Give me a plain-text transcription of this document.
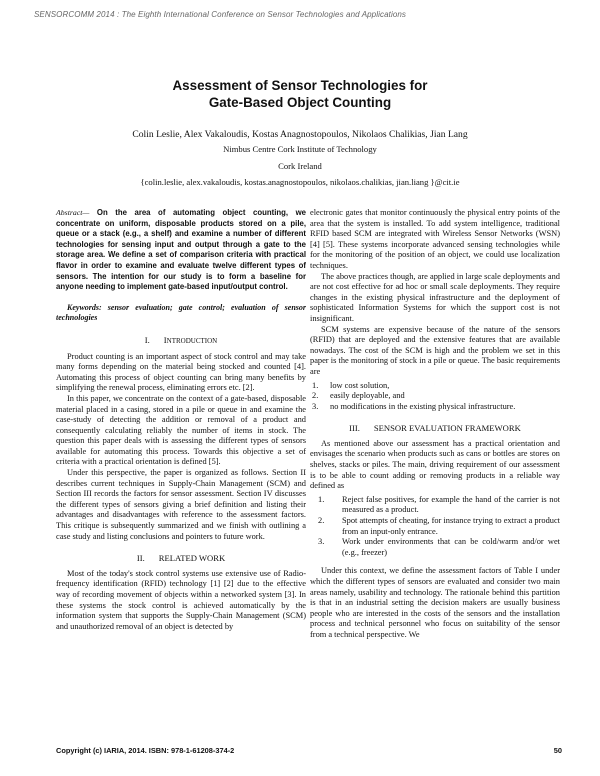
SENSORCOMM 2014 : The Eighth International Conference on Sensor Technologies and Applications
Assessment of Sensor Technologies for
Gate-Based Object Counting
Colin Leslie, Alex Vakaloudis, Kostas Anagnostopoulos, Nikolaos Chalikias, Jian Lang
Nimbus Centre Cork Institute of Technology
Cork Ireland
{colin.leslie, alex.vakaloudis, kostas.anagnostopoulos, nikolaos.chalikias, jian.liang }@cit.ie

Abstract— On the area of automating object counting, we concentrate on uniform, disposable products stored on a pile, queue or a stack (e.g., a shelf) and examine a number of different technologies for sensing input and output through a gate to the storage area. We define a set of comparison criteria with practical flavor in order to examine and evaluate twelve different types of sensors. The intention for our study is to form a baseline for anyone needing to implement gate-based input/output control.

Keywords: sensor evaluation; gate control; evaluation of sensor technologies

I. INTRODUCTION

Product counting is an important aspect of stock control and may take many forms depending on the material being stocked and counted [4]. Automating this process of object counting can bring many benefits by simplifying the renewal process, eliminating errors etc. [2].

In this paper, we concentrate on the context of a gate-based, disposable material placed in a casing, stored in a pile or queue in and examine the case-study of detecting the addition or removal of a product and consequently calculating reliably the number of items in stock. The question this paper deals with is assessing the different types of sensors available for automating this process. Towards this objective a set of criteria with a practical orientation is defined [5].

Under this perspective, the paper is organized as follows. Section II describes current techniques in Supply-Chain Management (SCM) and Section III records the factors for sensor assessment. Section IV discusses the different types of sensors giving a brief definition and listing their advantages and disadvantages with reference to the assessment factors. This critique is subsequently summarized and we finish with outlining a case study and listing conclusions and pointers to future work.

II. RELATED WORK

Most of the today's stock control systems use extensive use of Radio-frequency identification (RFID) technology [1] [2] due to the effective way of recording movement of objects within a networked system [3]. In these systems the stock control is achieved automatically by the information system that supports the Supply-Chain Management (SCM) and unauthorized removal of an object is detected by

electronic gates that monitor continuously the physical entry points of the area that the system is installed. To add system intelligence, traditional RFID based SCM are integrated with Wireless Sensor Networks (WSN) [4] [5]. These systems incorporate advanced sensing technologies while for the monitoring of the position of an object, we could use localization techniques.

The above practices though, are applied in large scale deployments and are not cost effective for ad hoc or small scale deployments. They require changes in the existing physical infrastructure and the deployment of sophisticated Information Systems for which the support cost is not insignificant.

SCM systems are expensive because of the nature of the sensors (RFID) that are deployed and the extensive features that are available nowadays. The cost of the SCM is high and the problem we set in this paper is the monitoring of stock in a pile or queue. The basic requirements are

1.	low cost solution,
2.	easily deployable, and
3.	no modifications in the existing physical infrastructure.
III. SENSOR EVALUATION FRAMEWORK

As mentioned above our assessment has a practical orientation and envisages the scenario when products such as cans or bottles are stores on shelves, stacks or piles. The main, driving requirement of our assessment is to be able to count adding or removing products in a reliable way defined as

1.	Reject false positives, for example the hand of the carrier is not measured as a product.
2.	Spot attempts of cheating, for instance trying to extract a product from an input-only entrance.
3.	Work under environments that can be cold/warm and/or wet (e.g., freezer)

Under this context, we define the assessment factors of Table I under which the different types of sensors are evaluated and consider two main areas namely, usability and technology. The rationale behind this partition is that in an industrial setting the decision makers are usually business people who are interested in the costs of the sensors and the installation process and technical personnel who focus on suitability of the sensor from a technical perspective. We

Copyright (c) IARIA, 2014. ISBN: 978-1-61208-374-2	50
